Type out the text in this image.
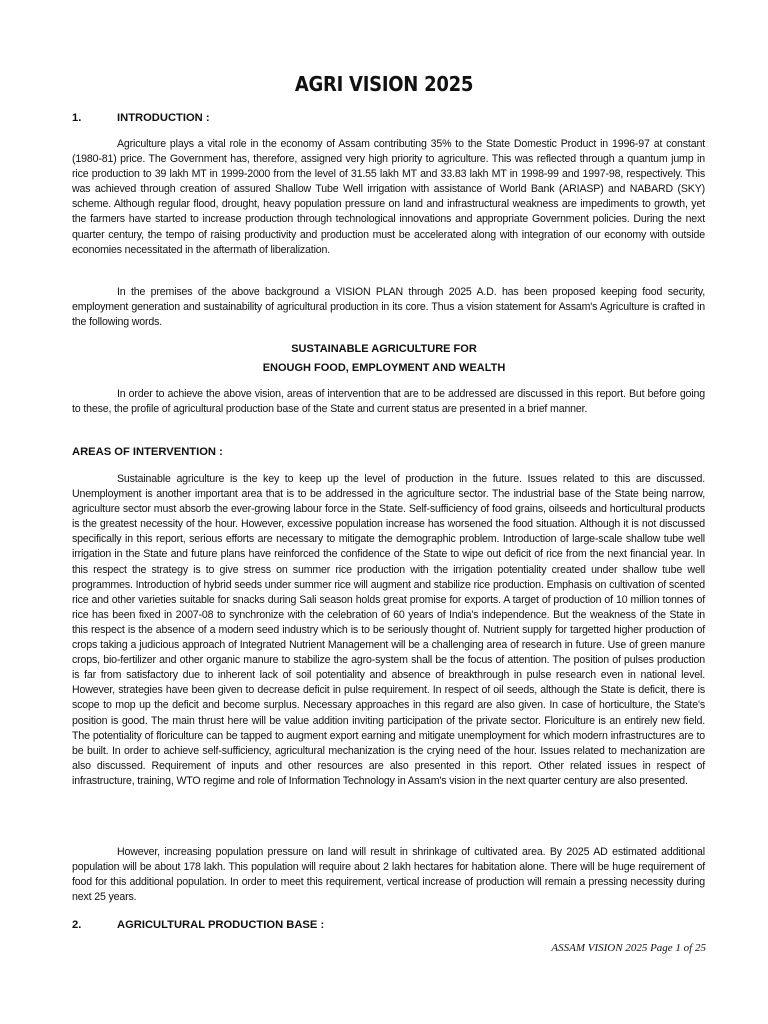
AGRI VISION 2025

1.	INTRODUCTION :

Agriculture plays a vital role in the economy of Assam contributing 35% to the State Domestic Product in 1996-97 at constant (1980-81) price. The Government has, therefore, assigned very high priority to agriculture. This was reflected through a quantum jump in rice production to 39 lakh MT in 1999-2000 from the level of 31.55 lakh MT and 33.83 lakh MT in 1998-99 and 1997-98, respectively. This was achieved through creation of assured Shallow Tube Well irrigation with assistance of World Bank (ARIASP) and NABARD (SKY) scheme. Although regular flood, drought, heavy population pressure on land and infrastructural weakness are impediments to growth, yet the farmers have started to increase production through technological innovations and appropriate Government policies. During the next quarter century, the tempo of raising productivity and production must be accelerated along with integration of our economy with outside economies necessitated in the aftermath of liberalization.

In the premises of the above background a VISION PLAN through 2025 A.D. has been proposed keeping food security, employment generation and sustainability of agricultural production in its core. Thus a vision statement for Assam's Agriculture is crafted in the following words.

SUSTAINABLE AGRICULTURE FOR

ENOUGH FOOD, EMPLOYMENT AND WEALTH

In order to achieve the above vision, areas of intervention that are to be addressed are discussed in this report. But before going to these, the profile of agricultural production base of the State and current status are presented in a brief manner.

AREAS OF INTERVENTION :

Sustainable agriculture is the key to keep up the level of production in the future. Issues related to this are discussed. Unemployment is another important area that is to be addressed in the agriculture sector. The industrial base of the State being narrow, agriculture sector must absorb the ever-growing labour force in the State. Self-sufficiency of food grains, oilseeds and horticultural products is the greatest necessity of the hour. However, excessive population increase has worsened the food situation. Although it is not discussed specifically in this report, serious efforts are necessary to mitigate the demographic problem. Introduction of large-scale shallow tube well irrigation in the State and future plans have reinforced the confidence of the State to wipe out deficit of rice from the next financial year. In this respect the strategy is to give stress on summer rice production with the irrigation potentiality created under shallow tube well programmes. Introduction of hybrid seeds under summer rice will augment and stabilize rice production. Emphasis on cultivation of scented rice and other varieties suitable for snacks during Sali season holds great promise for exports. A target of production of 10 million tonnes of rice has been fixed in 2007-08 to synchronize with the celebration of 60 years of India's independence. But the weakness of the State in this respect is the absence of a modern seed industry which is to be seriously thought of. Nutrient supply for targetted higher production of crops taking a judicious approach of Integrated Nutrient Management will be a challenging area of research in future. Use of green manure crops, bio-fertilizer and other organic manure to stabilize the agro-system shall be the focus of attention. The position of pulses production is far from satisfactory due to inherent lack of soil potentiality and absence of breakthrough in pulse research even in national level. However, strategies have been given to decrease deficit in pulse requirement. In respect of oil seeds, although the State is deficit, there is scope to mop up the deficit and become surplus. Necessary approaches in this regard are also given. In case of horticulture, the State's position is good. The main thrust here will be value addition inviting participation of the private sector. Floriculture is an entirely new field. The potentiality of floriculture can be tapped to augment export earning and mitigate unemployment for which modern infrastructures are to be built. In order to achieve self-sufficiency, agricultural mechanization is the crying need of the hour. Issues related to mechanization are also discussed. Requirement of inputs and other resources are also presented in this report. Other related issues in respect of infrastructure, training, WTO regime and role of Information Technology in Assam's vision in the next quarter century are also presented.

However, increasing population pressure on land will result in shrinkage of cultivated area. By 2025 AD estimated additional population will be about 178 lakh. This population will require about 2 lakh hectares for habitation alone. There will be huge requirement of food for this additional population. In order to meet this requirement, vertical increase of production will remain a pressing necessity during next 25 years.

2.	AGRICULTURAL PRODUCTION BASE :

ASSAM VISION 2025 Page 1 of 25
